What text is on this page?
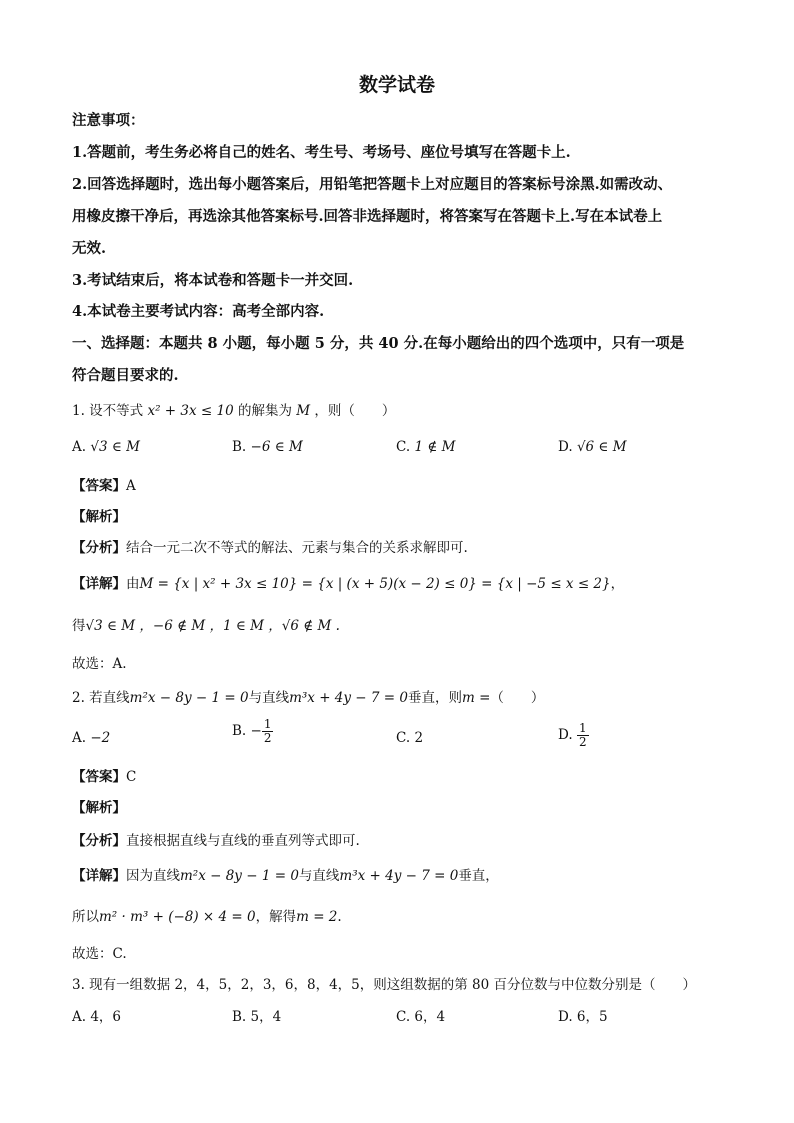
数学试卷
注意事项：
1.答题前，考生务必将自己的姓名、考生号、考场号、座位号填写在答题卡上.
2.回答选择题时，选出每小题答案后，用铅笔把答题卡上对应题目的答案标号涂黑.如需改动、
用橡皮擦干净后，再选涂其他答案标号.回答非选择题时，将答案写在答题卡上.写在本试卷上
无效.
3.考试结束后，将本试卷和答题卡一并交回.
4.本试卷主要考试内容：高考全部内容.
一、选择题：本题共 8 小题，每小题 5 分，共 40 分.在每小题给出的四个选项中，只有一项是
符合题目要求的.
1. 设不等式 x² + 3x ≤ 10 的解集为 M ，则（　　）
A. √3 ∈ M	B. −6 ∈ M	C. 1 ∉ M	D. √6 ∈ M
【答案】A
【解析】
【分析】结合一元二次不等式的解法、元素与集合的关系求解即可.
【详解】由M = {x | x² + 3x ≤ 10} = {x | (x + 5)(x − 2) ≤ 0} = {x | −5 ≤ x ≤ 2}，
得√3 ∈ M ，−6 ∉ M ，1 ∈ M ，√6 ∉ M .
故选：A.
2. 若直线m²x − 8y − 1 = 0与直线m³x + 4y − 7 = 0垂直，则m =（　　）
A. −2	B. − $\frac{1}{2}$	C. 2	D. $\frac{1}{2}$
【答案】C
【解析】
【分析】直接根据直线与直线的垂直列等式即可.
【详解】因为直线m²x − 8y − 1 = 0与直线m³x + 4y − 7 = 0垂直，
所以m² · m³ + (−8) × 4 = 0，解得m = 2.
故选：C.
3. 现有一组数据 2，4，5，2，3，6，8，4，5，则这组数据的第 80 百分位数与中位数分别是（　　）
A. 4，6	B. 5，4	C. 6，4	D. 6，5
